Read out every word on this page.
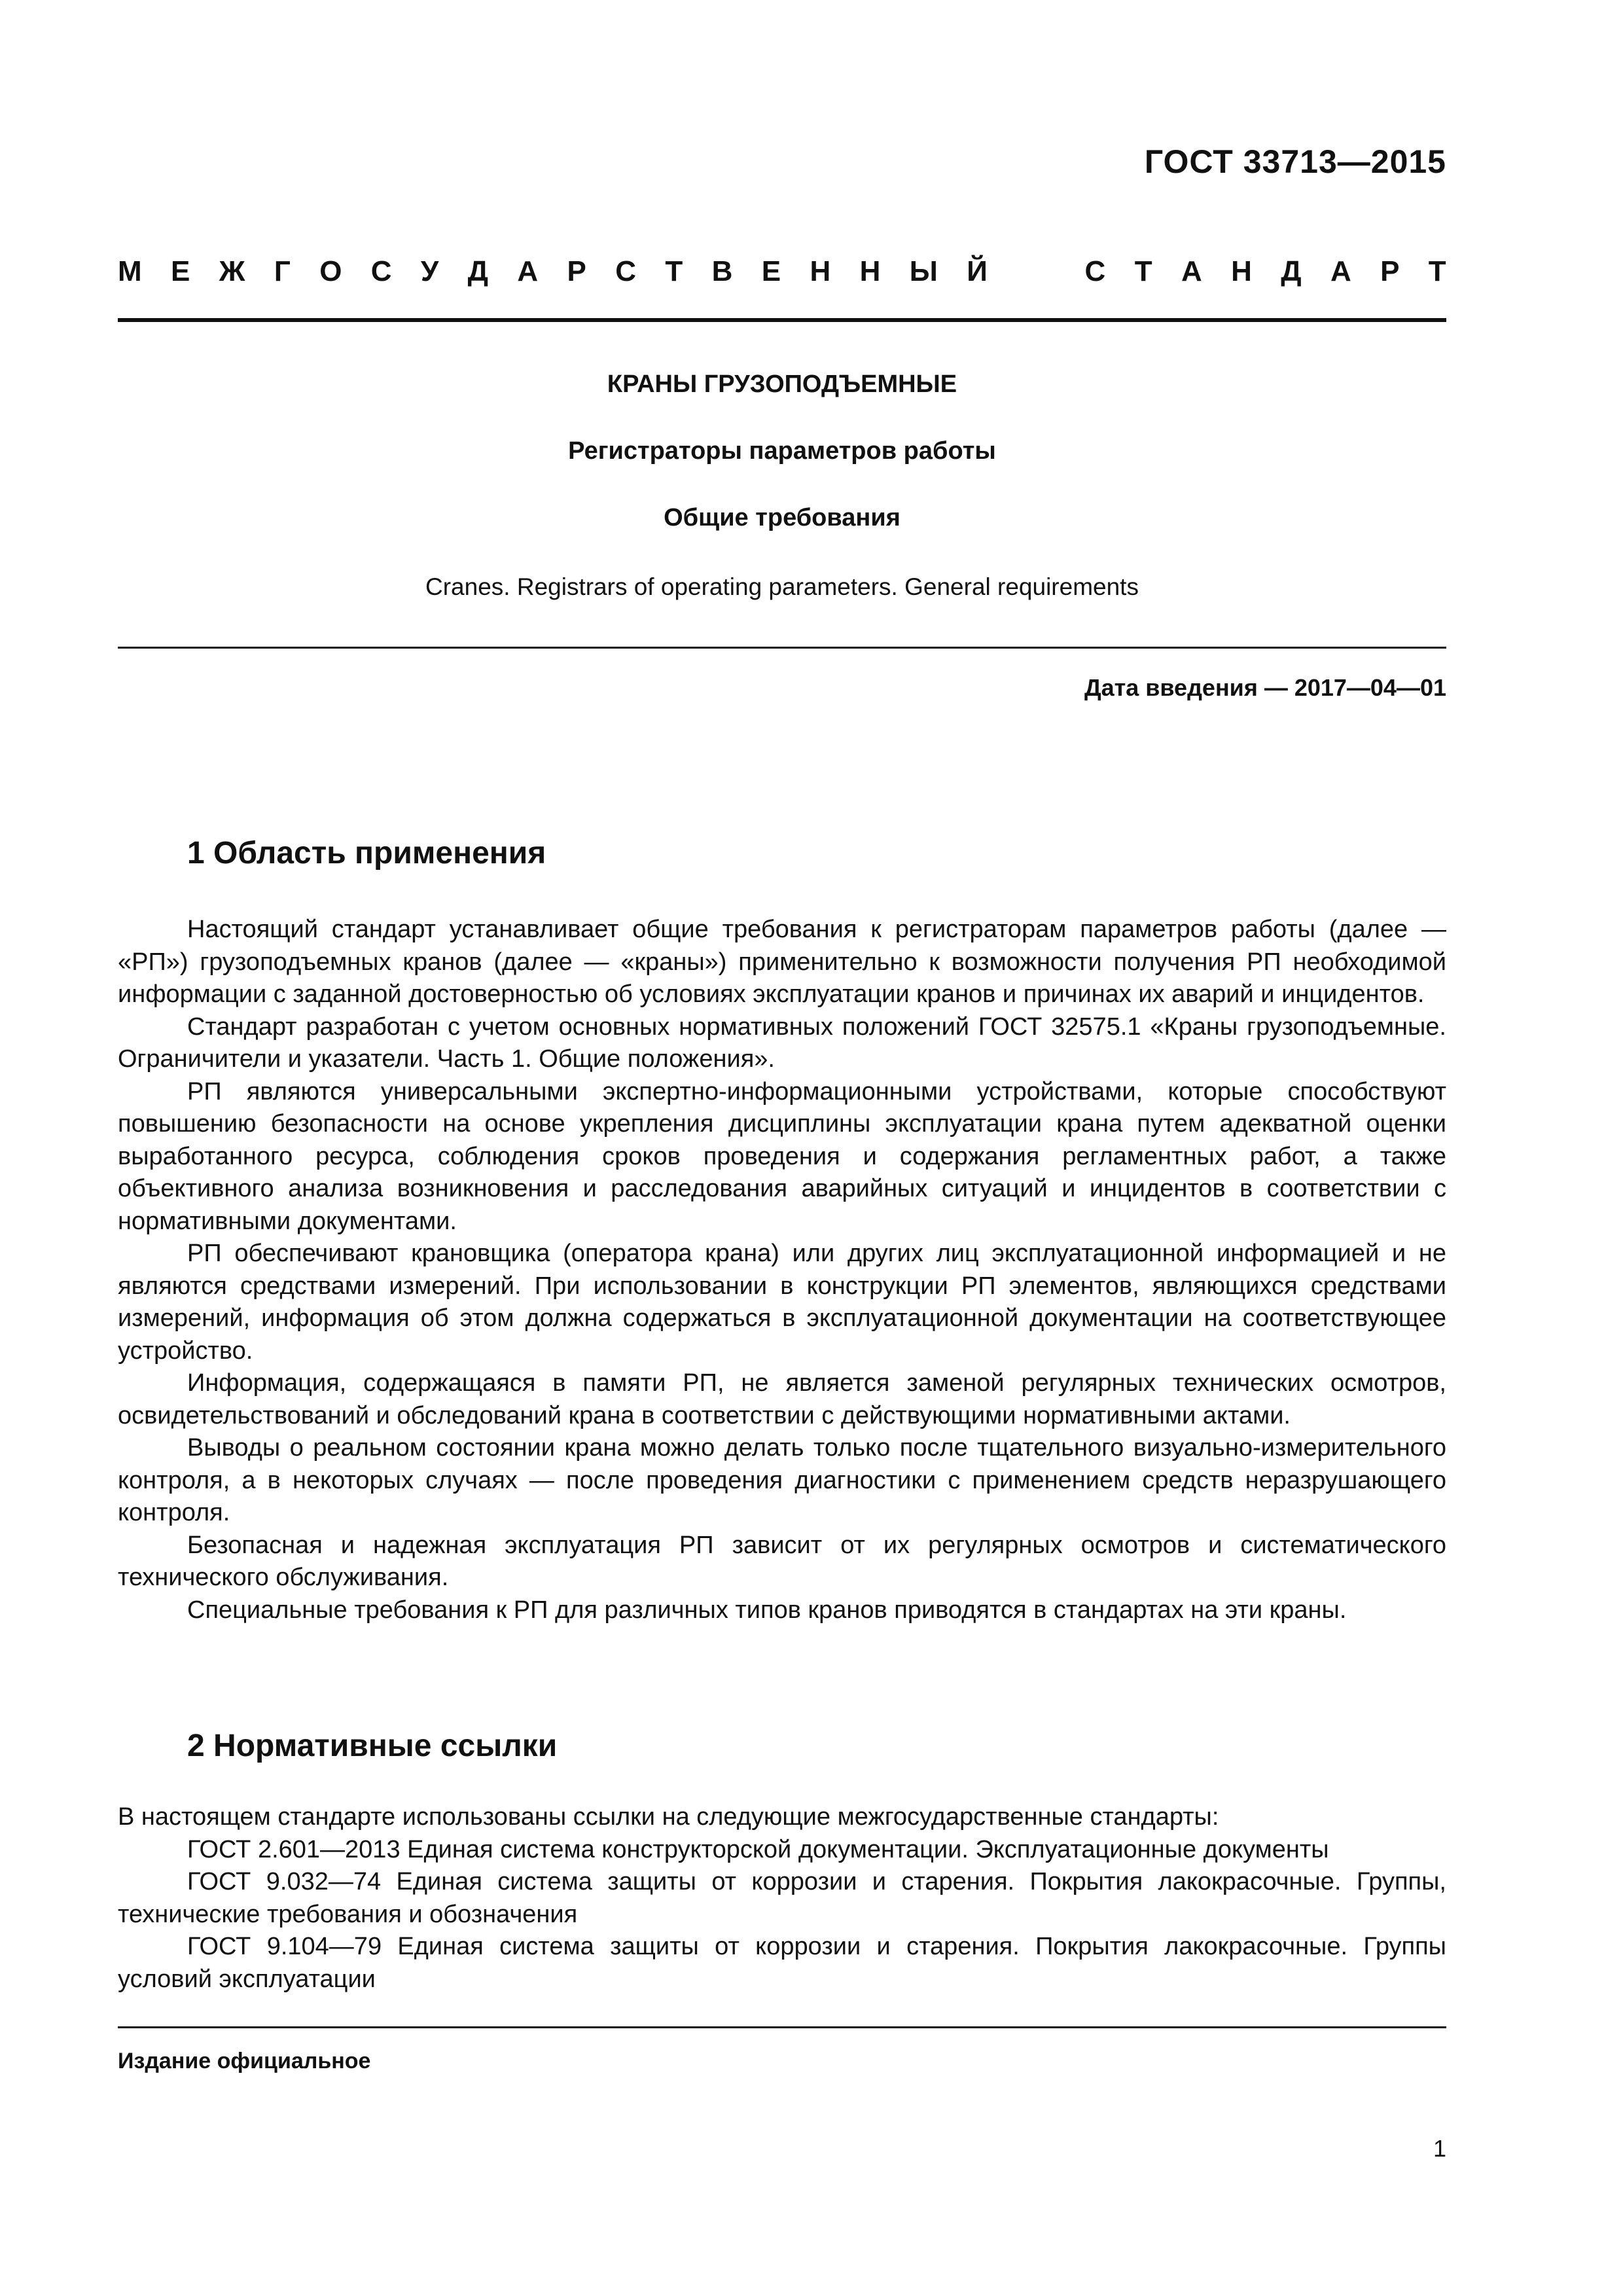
ГОСТ 33713—2015
М Е Ж Г О С У Д А Р С Т В Е Н Н Ы Й	С Т А Н Д А Р Т
КРАНЫ ГРУЗОПОДЪЕМНЫЕ
Регистраторы параметров работы
Общие требования
Cranes. Registrars of operating parameters. General requirements
Дата введения — 2017—04—01
1 Область применения

Настоящий стандарт устанавливает общие требования к регистраторам параметров работы (далее — «РП») грузоподъемных кранов (далее — «краны») применительно к возможности получения РП необходимой информации с заданной достоверностью об условиях эксплуатации кранов и причинах их аварий и инцидентов.

Стандарт разработан с учетом основных нормативных положений ГОСТ 32575.1 «Краны грузоподъемные. Ограничители и указатели. Часть 1. Общие положения».

РП являются универсальными экспертно-информационными устройствами, которые способствуют повышению безопасности на основе укрепления дисциплины эксплуатации крана путем адекватной оценки выработанного ресурса, соблюдения сроков проведения и содержания регламентных работ, а также объективного анализа возникновения и расследования аварийных ситуаций и инцидентов в соответствии с нормативными документами.

РП обеспечивают крановщика (оператора крана) или других лиц эксплуатационной информацией и не являются средствами измерений. При использовании в конструкции РП элементов, являющихся средствами измерений, информация об этом должна содержаться в эксплуатационной документации на соответствующее устройство.

Информация, содержащаяся в памяти РП, не является заменой регулярных технических осмотров, освидетельствований и обследований крана в соответствии с действующими нормативными актами.

Выводы о реальном состоянии крана можно делать только после тщательного визуально-измерительного контроля, а в некоторых случаях — после проведения диагностики с применением средств неразрушающего контроля.

Безопасная и надежная эксплуатация РП зависит от их регулярных осмотров и систематического технического обслуживания.

Специальные требования к РП для различных типов кранов приводятся в стандартах на эти краны.

2 Нормативные ссылки

В настоящем стандарте использованы ссылки на следующие межгосударственные стандарты:

ГОСТ 2.601—2013 Единая система конструкторской документации. Эксплуатационные документы

ГОСТ 9.032—74 Единая система защиты от коррозии и старения. Покрытия лакокрасочные. Группы, технические требования и обозначения

ГОСТ 9.104—79 Единая система защиты от коррозии и старения. Покрытия лакокрасочные. Группы условий эксплуатации

Издание официальное
1
